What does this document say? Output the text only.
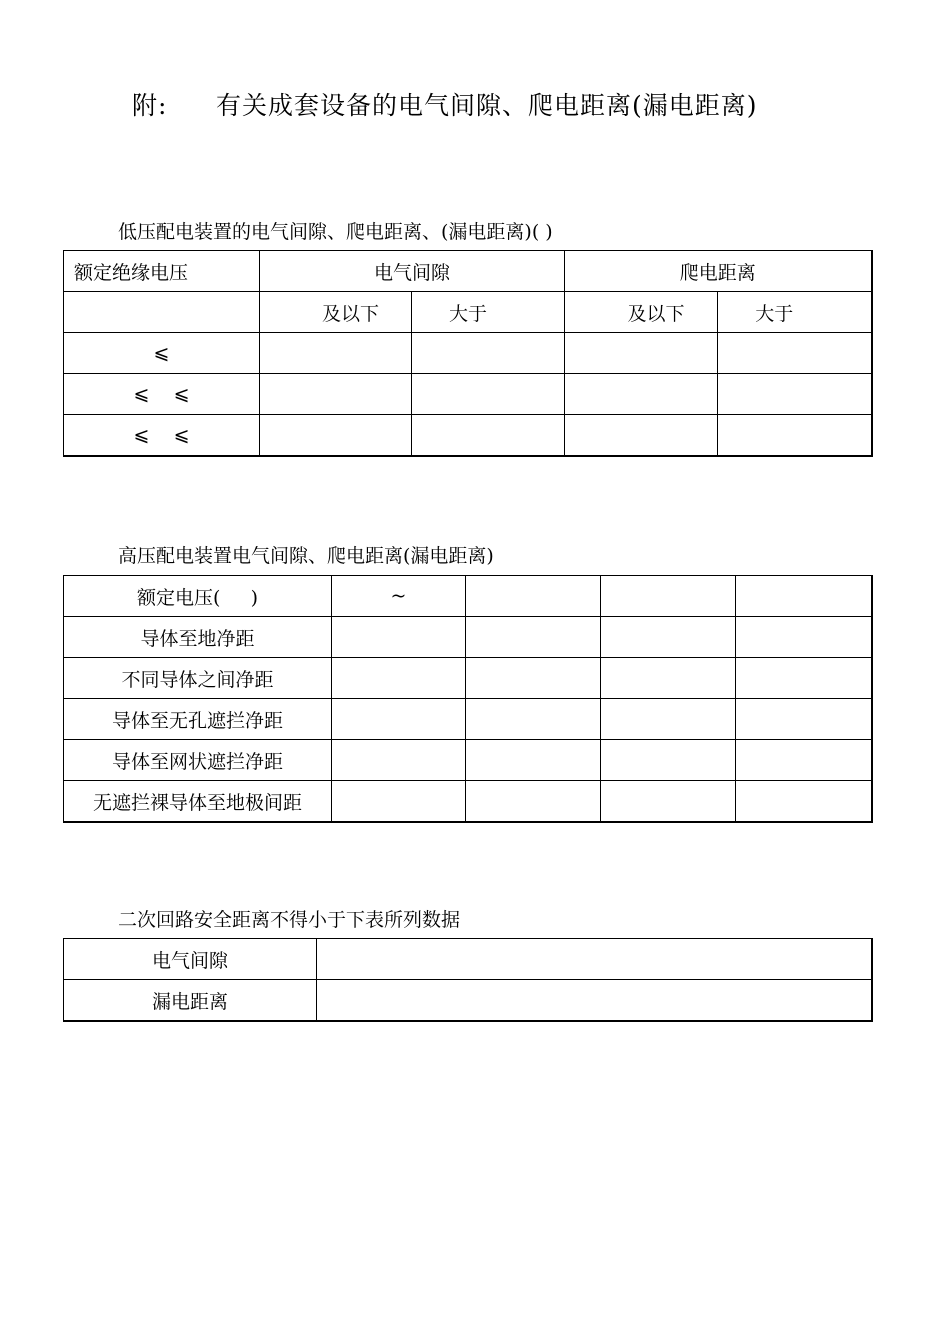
附: 有关成套设备的电气间隙、爬电距离(漏电距离)
低压配电装置的电气间隙、爬电距离、(漏电距离)( )
额定绝缘电压	电气间隙		爬电距离	
	及以下	大于	及以下	大于
⩽				
⩽    ⩽				
⩽    ⩽				
高压配电装置电气间隙、爬电距离(漏电距离)
额定电压(     )	~			
导体至地净距				
不同导体之间净距				
导体至无孔遮拦净距				
导体至网状遮拦净距				
无遮拦裸导体至地极间距				
二次回路安全距离不得小于下表所列数据
电气间隙	
漏电距离	
